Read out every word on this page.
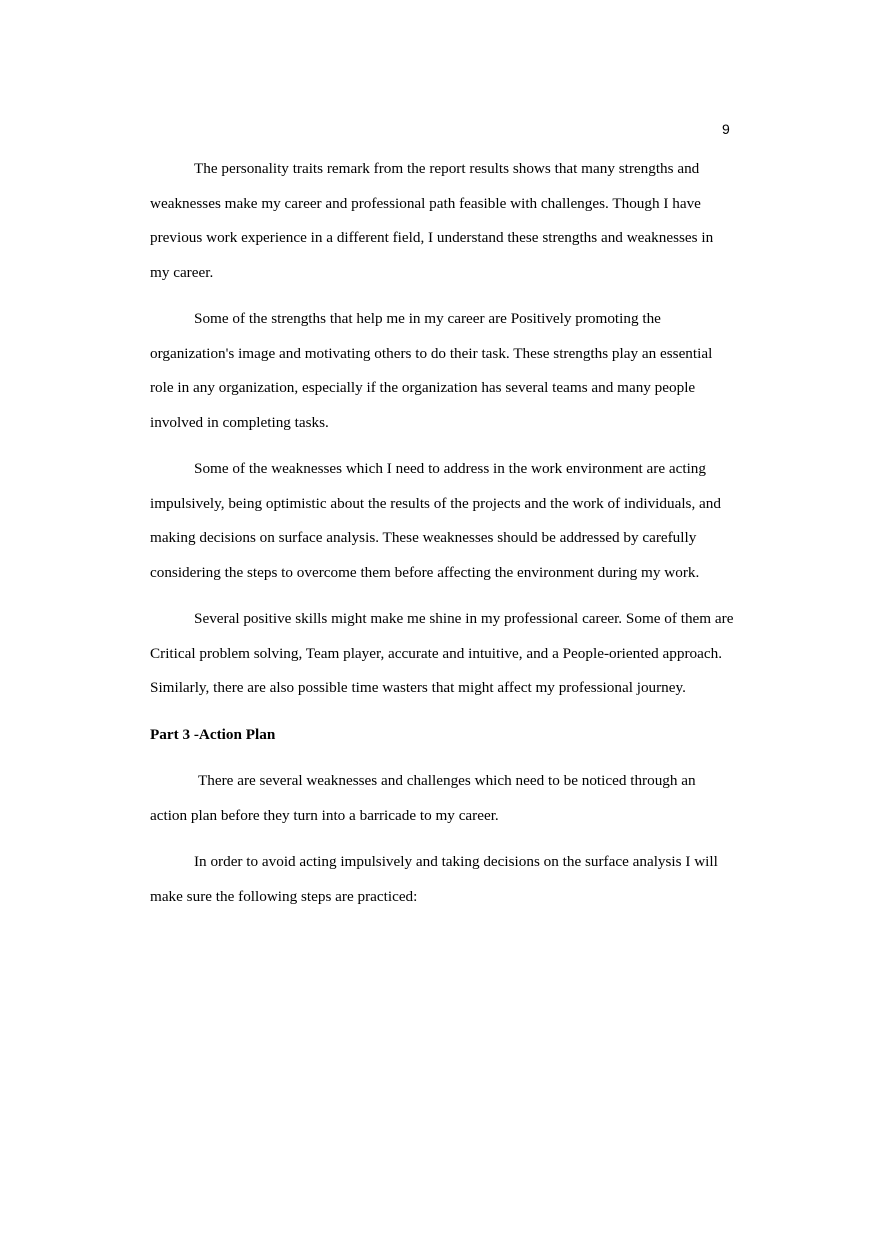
9

The personality traits remark from the report results shows that many strengths and weaknesses make my career and professional path feasible with challenges. Though I have previous work experience in a different field, I understand these strengths and weaknesses in my career.

Some of the strengths that help me in my career are Positively promoting the organization's image and motivating others to do their task. These strengths play an essential role in any organization, especially if the organization has several teams and many people involved in completing tasks.

Some of the weaknesses which I need to address in the work environment are acting impulsively, being optimistic about the results of the projects and the work of individuals, and making decisions on surface analysis. These weaknesses should be addressed by carefully considering the steps to overcome them before affecting the environment during my work.

Several positive skills might make me shine in my professional career. Some of them are Critical problem solving, Team player, accurate and intuitive, and a People-oriented approach. Similarly, there are also possible time wasters that might affect my professional journey.

Part 3 -Action Plan

There are several weaknesses and challenges which need to be noticed through an action plan before they turn into a barricade to my career.

In order to avoid acting impulsively and taking decisions on the surface analysis I will make sure the following steps are practiced:
